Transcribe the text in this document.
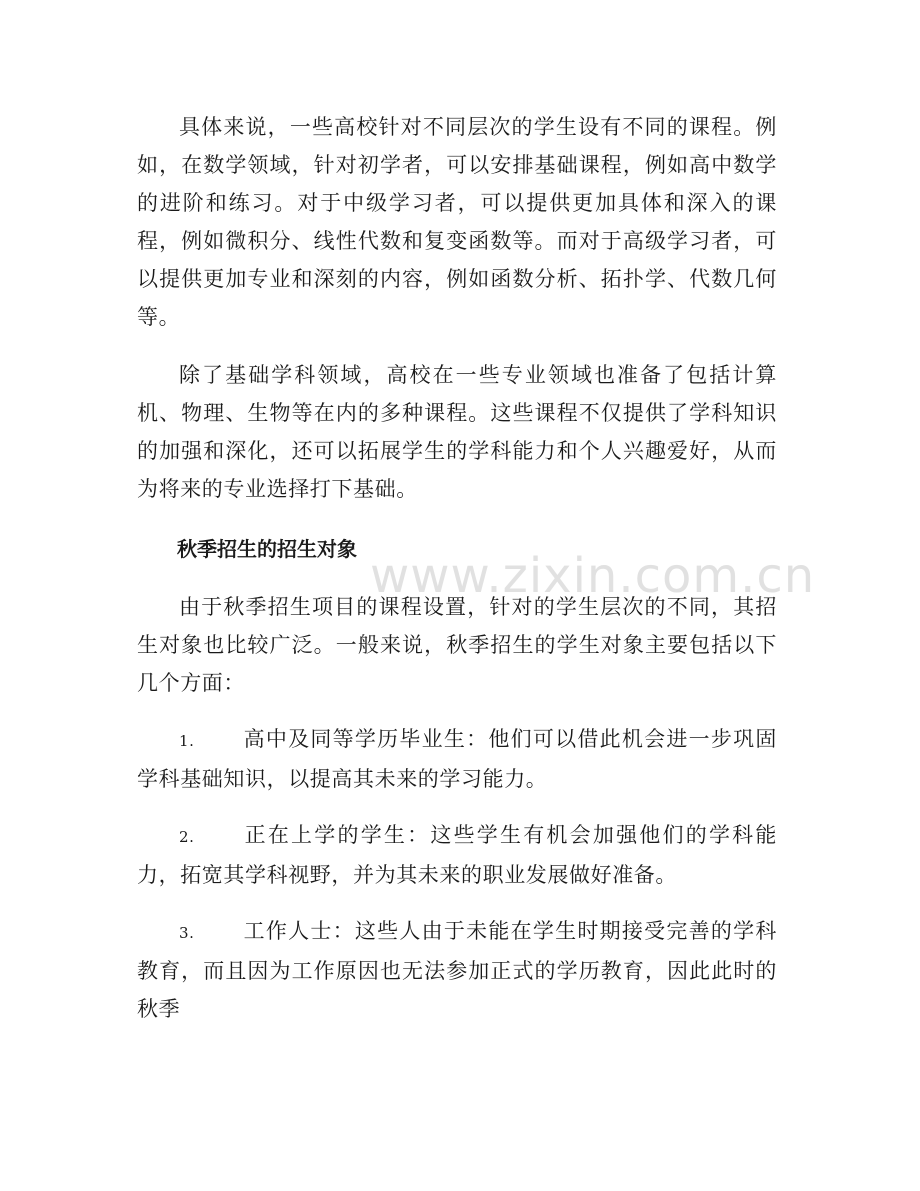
具体来说，一些高校针对不同层次的学生设有不同的课程。例如，在数学领域，针对初学者，可以安排基础课程，例如高中数学的进阶和练习。对于中级学习者，可以提供更加具体和深入的课程，例如微积分、线性代数和复变函数等。而对于高级学习者，可以提供更加专业和深刻的内容，例如函数分析、拓扑学、代数几何等。

除了基础学科领域，高校在一些专业领域也准备了包括计算机、物理、生物等在内的多种课程。这些课程不仅提供了学科知识的加强和深化，还可以拓展学生的学科能力和个人兴趣爱好，从而为将来的专业选择打下基础。

秋季招生的招生对象

由于秋季招生项目的课程设置，针对的学生层次的不同，其招生对象也比较广泛。一般来说，秋季招生的学生对象主要包括以下几个方面：

1. 高中及同等学历毕业生：他们可以借此机会进一步巩固学科基础知识，以提高其未来的学习能力。

2. 正在上学的学生：这些学生有机会加强他们的学科能力，拓宽其学科视野，并为其未来的职业发展做好准备。

3. 工作人士：这些人由于未能在学生时期接受完善的学科教育，而且因为工作原因也无法参加正式的学历教育，因此此时的秋季

www.zixin.com.cn
